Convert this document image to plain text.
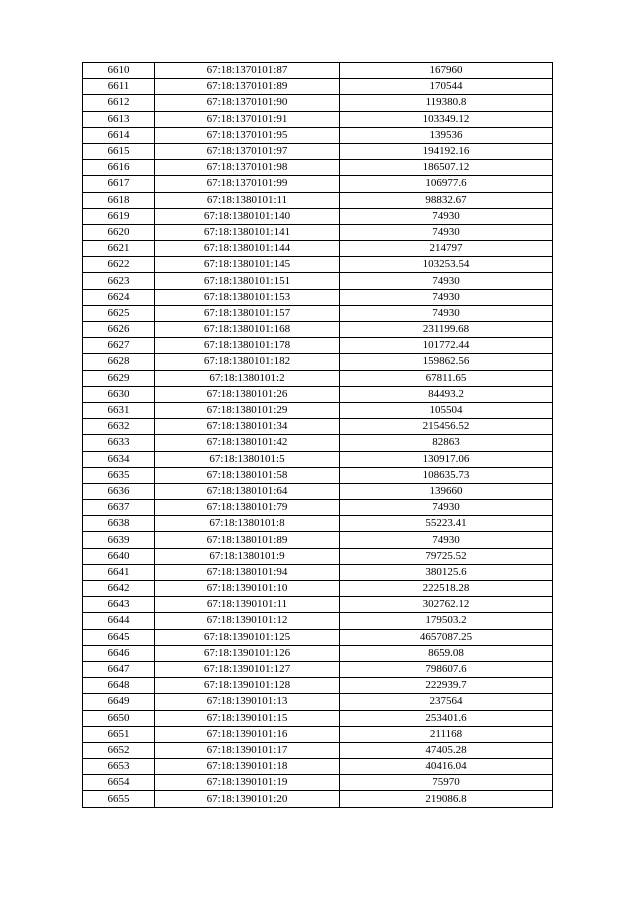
6610	67:18:1370101:87	167960
6611	67:18:1370101:89	170544
6612	67:18:1370101:90	119380.8
6613	67:18:1370101:91	103349.12
6614	67:18:1370101:95	139536
6615	67:18:1370101:97	194192.16
6616	67:18:1370101:98	186507.12
6617	67:18:1370101:99	106977.6
6618	67:18:1380101:11	98832.67
6619	67:18:1380101:140	74930
6620	67:18:1380101:141	74930
6621	67:18:1380101:144	214797
6622	67:18:1380101:145	103253.54
6623	67:18:1380101:151	74930
6624	67:18:1380101:153	74930
6625	67:18:1380101:157	74930
6626	67:18:1380101:168	231199.68
6627	67:18:1380101:178	101772.44
6628	67:18:1380101:182	159862.56
6629	67:18:1380101:2	67811.65
6630	67:18:1380101:26	84493.2
6631	67:18:1380101:29	105504
6632	67:18:1380101:34	215456.52
6633	67:18:1380101:42	82863
6634	67:18:1380101:5	130917.06
6635	67:18:1380101:58	108635.73
6636	67:18:1380101:64	139660
6637	67:18:1380101:79	74930
6638	67:18:1380101:8	55223.41
6639	67:18:1380101:89	74930
6640	67:18:1380101:9	79725.52
6641	67:18:1380101:94	380125.6
6642	67:18:1390101:10	222518.28
6643	67:18:1390101:11	302762.12
6644	67:18:1390101:12	179503.2
6645	67:18:1390101:125	4657087.25
6646	67:18:1390101:126	8659.08
6647	67:18:1390101:127	798607.6
6648	67:18:1390101:128	222939.7
6649	67:18:1390101:13	237564
6650	67:18:1390101:15	253401.6
6651	67:18:1390101:16	211168
6652	67:18:1390101:17	47405.28
6653	67:18:1390101:18	40416.04
6654	67:18:1390101:19	75970
6655	67:18:1390101:20	219086.8
